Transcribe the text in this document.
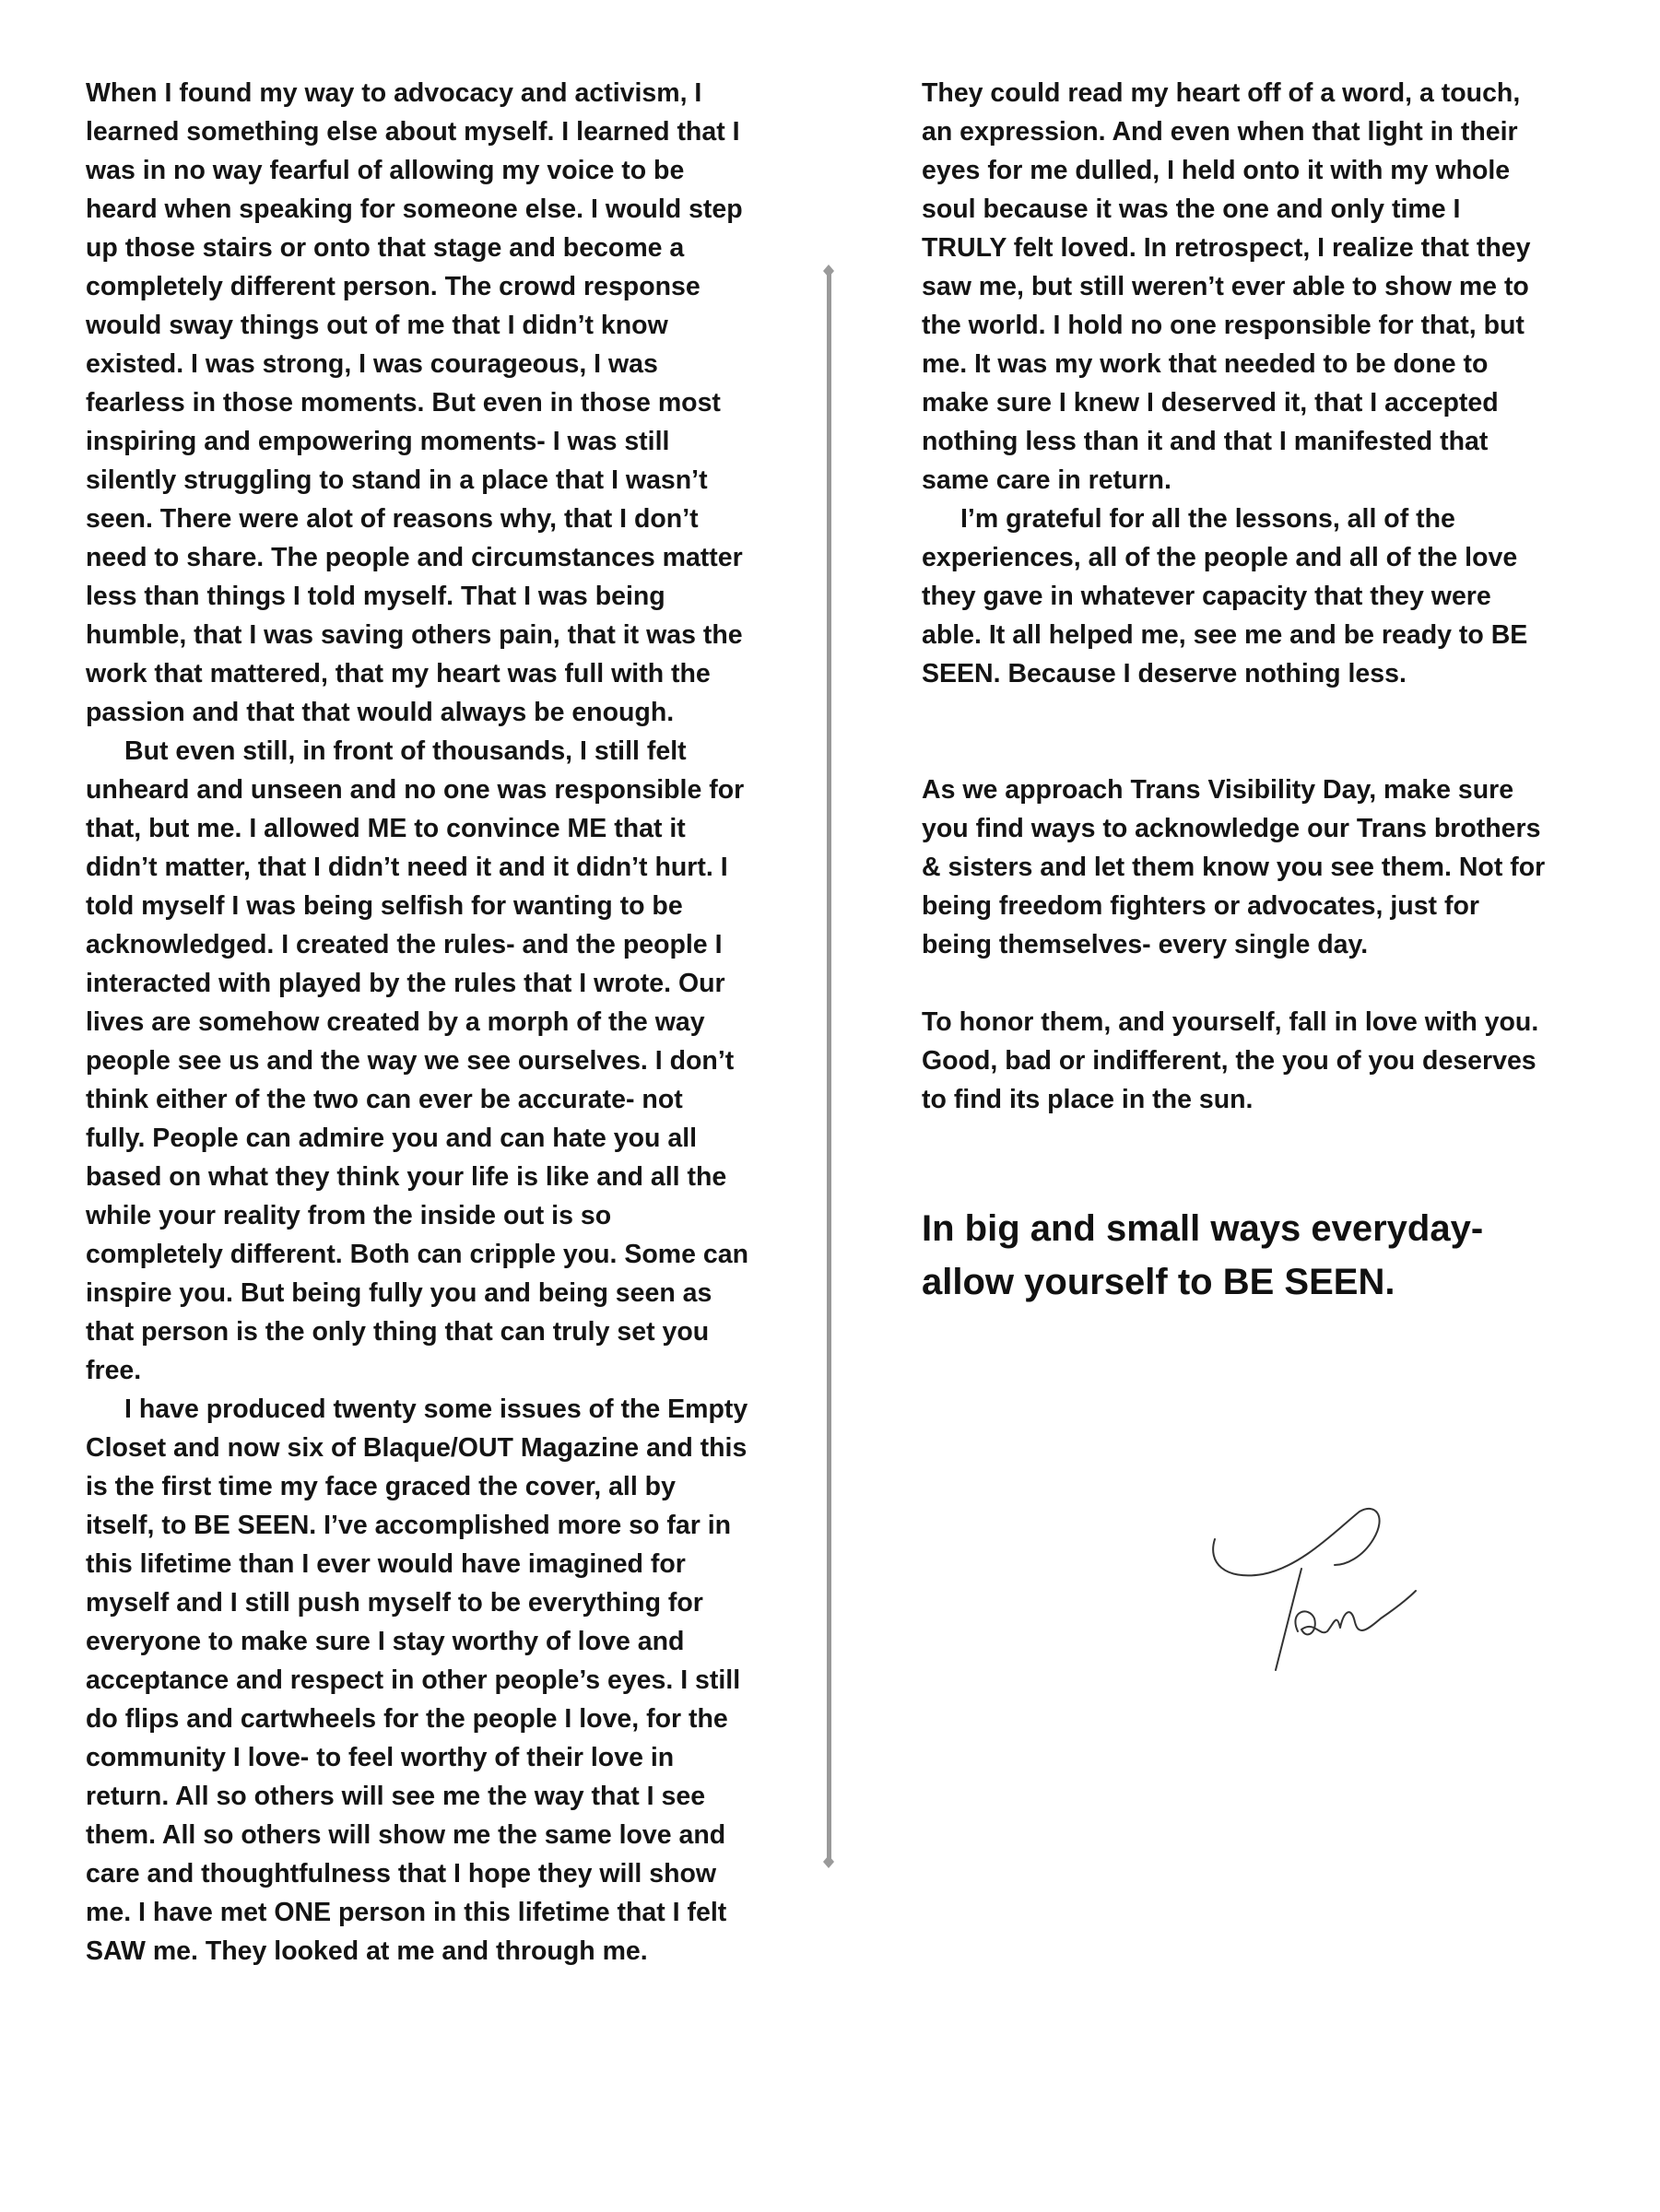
When I found my way to advocacy and activism, I learned something else about myself. I learned that I was in no way fearful of allowing my voice to be heard when speaking for someone else. I would step up those stairs or onto that stage and become a completely different person. The crowd response would sway things out of me that I didn’t know existed. I was strong, I was courageous, I was fearless in those moments. But even in those most inspiring and empowering moments- I was still silently struggling to stand in a place that I wasn’t seen. There were alot of reasons why, that I don’t need to share. The people and circumstances matter less than things I told myself. That I was being humble, that I was saving others pain, that it was the work that mattered, that my heart was full with the passion and that that would always be enough.

But even still, in front of thousands, I still felt unheard and unseen and no one was responsible for that, but me. I allowed ME to convince ME that it didn’t matter, that I didn’t need it and it didn’t hurt. I told myself I was being selfish for wanting to be acknowledged. I created the rules- and the people I interacted with played by the rules that I wrote. Our lives are somehow created by a morph of the way people see us and the way we see ourselves. I don’t think either of the two can ever be accurate- not fully. People can admire you and can hate you all based on what they think your life is like and all the while your reality from the inside out is so completely different. Both can cripple you. Some can inspire you. But being fully you and being seen as that person is the only thing that can truly set you free.

I have produced twenty some issues of the Empty Closet and now six of Blaque/OUT Magazine and this is the first time my face graced the cover, all by itself, to BE SEEN. I’ve accomplished more so far in this lifetime than I ever would have imagined for myself and I still push myself to be everything for everyone to make sure I stay worthy of love and acceptance and respect in other people’s eyes. I still do flips and cartwheels for the people I love, for the community I love- to feel worthy of their love in return. All so others will see me the way that I see them. All so others will show me the same love and care and thoughtfulness that I hope they will show me. I have met ONE person in this lifetime that I felt SAW me. They looked at me and through me.

They could read my heart off of a word, a touch, an expression. And even when that light in their eyes for me dulled, I held onto it with my whole soul because it was the one and only time I TRULY felt loved. In retrospect, I realize that they saw me, but still weren’t ever able to show me to the world. I hold no one responsible for that, but me. It was my work that needed to be done to make sure I knew I deserved it, that I accepted nothing less than it and that I manifested that same care in return.

I’m grateful for all the lessons, all of the experiences, all of the people and all of the love they gave in whatever capacity that they were able. It all helped me, see me and be ready to BE SEEN. Because I deserve nothing less.

As we approach Trans Visibility Day, make sure you find ways to acknowledge our Trans brothers & sisters and let them know you see them. Not for being freedom fighters or advocates, just for being themselves- every single day.

To honor them, and yourself, fall in love with you. Good, bad or indifferent, the you of you deserves to find its place in the sun.

In big and small ways everyday- allow yourself to BE SEEN.
